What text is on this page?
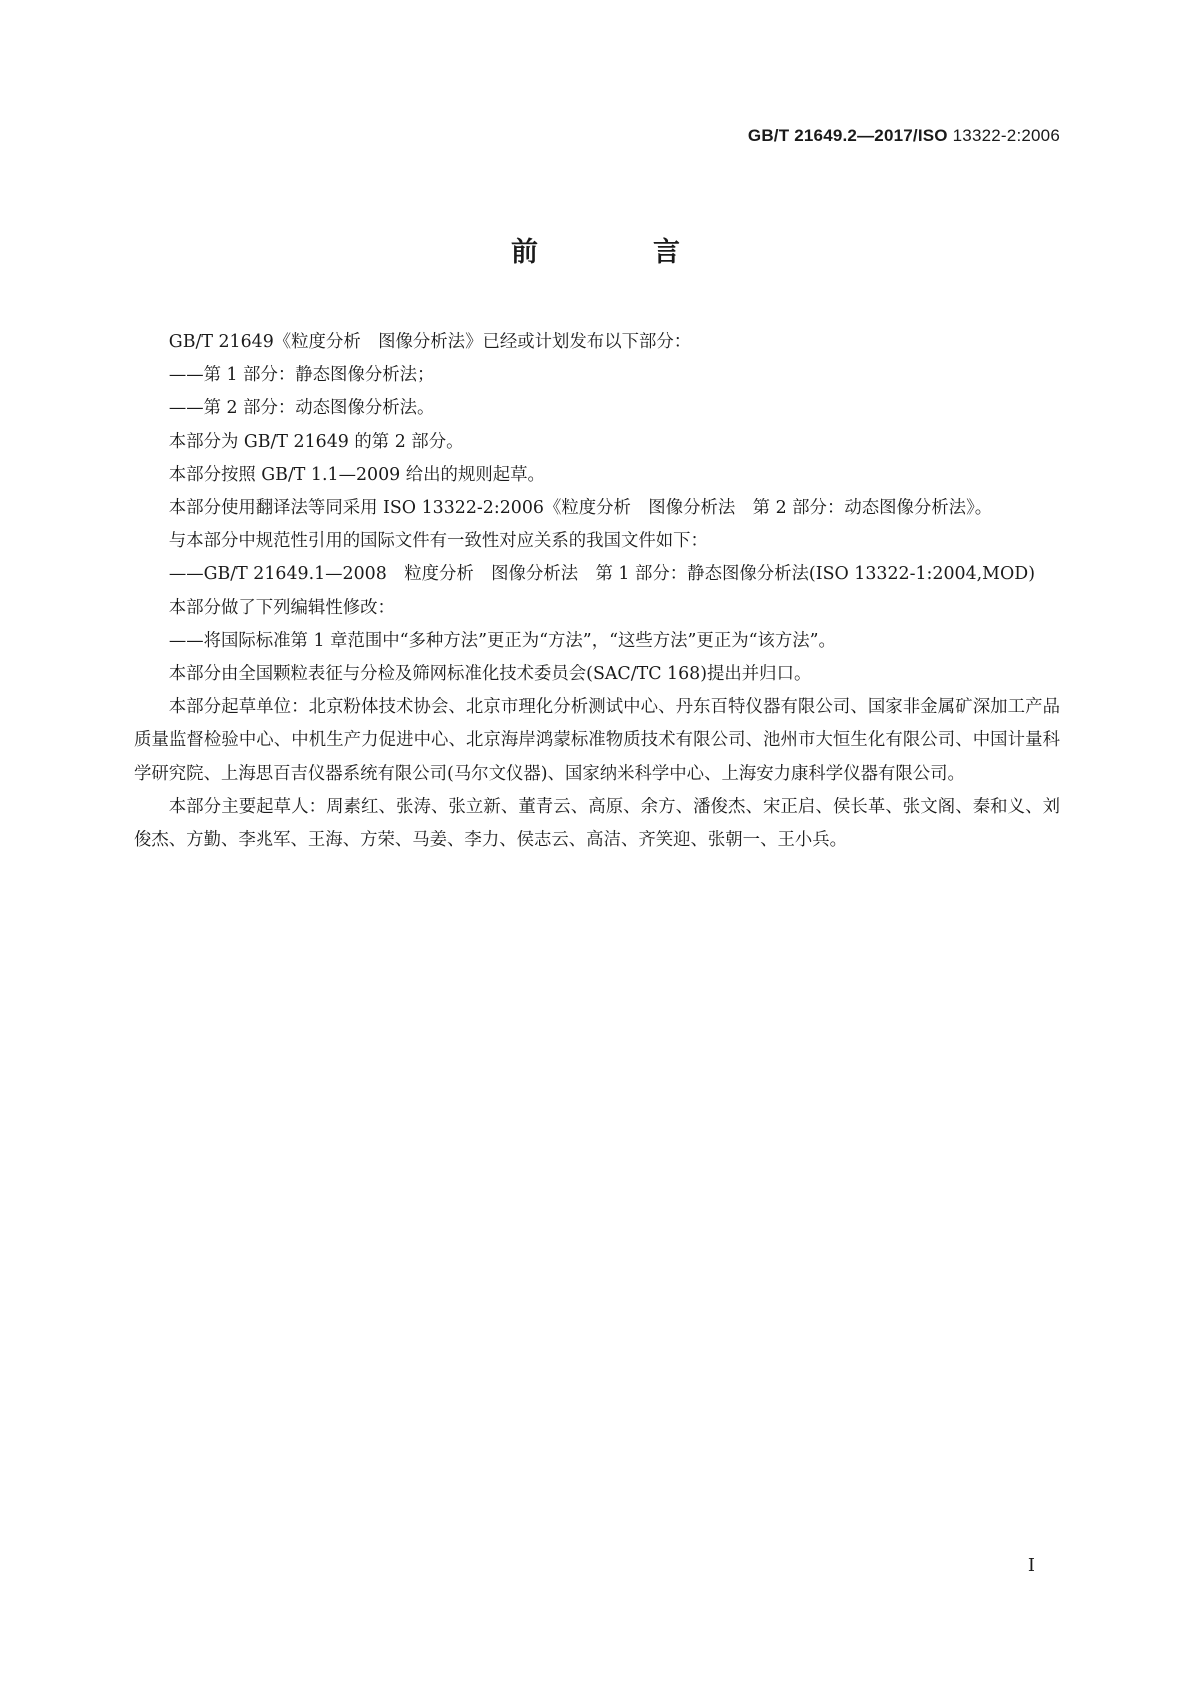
GB/T 21649.2—2017/ISO 13322-2:2006
前　言

GB/T 21649《粒度分析　图像分析法》已经或计划发布以下部分：

——第 1 部分：静态图像分析法；

——第 2 部分：动态图像分析法。

本部分为 GB/T 21649 的第 2 部分。

本部分按照 GB/T 1.1—2009 给出的规则起草。

本部分使用翻译法等同采用 ISO 13322-2:2006《粒度分析　图像分析法　第 2 部分：动态图像分析法》。

与本部分中规范性引用的国际文件有一致性对应关系的我国文件如下：

——GB/T 21649.1—2008　粒度分析　图像分析法　第 1 部分：静态图像分析法(ISO 13322-1:2004,MOD)

本部分做了下列编辑性修改：

——将国际标准第 1 章范围中“多种方法”更正为“方法”，“这些方法”更正为“该方法”。

本部分由全国颗粒表征与分检及筛网标准化技术委员会(SAC/TC 168)提出并归口。

本部分起草单位：北京粉体技术协会、北京市理化分析测试中心、丹东百特仪器有限公司、国家非金属矿深加工产品质量监督检验中心、中机生产力促进中心、北京海岸鸿蒙标准物质技术有限公司、池州市大恒生化有限公司、中国计量科学研究院、上海思百吉仪器系统有限公司(马尔文仪器)、国家纳米科学中心、上海安力康科学仪器有限公司。

本部分主要起草人：周素红、张涛、张立新、董青云、高原、余方、潘俊杰、宋正启、侯长革、张文阁、秦和义、刘俊杰、方勤、李兆军、王海、方荣、马姜、李力、侯志云、高洁、齐笑迎、张朝一、王小兵。

I
